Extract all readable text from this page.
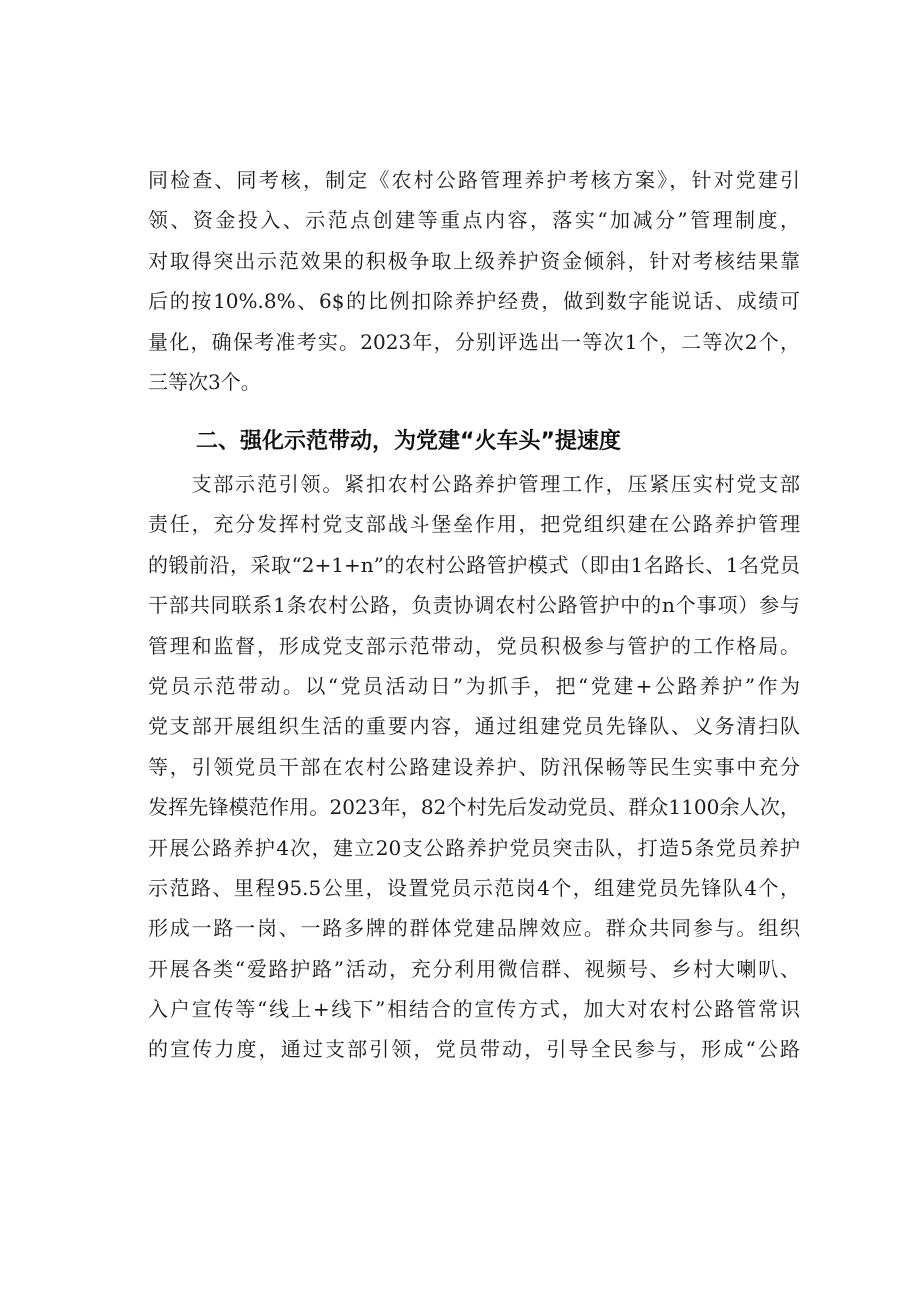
同检查、同考核，制定《农村公路管理养护考核方案》，针对党建引
领、资金投入、示范点创建等重点内容，落实“加减分”管理制度，
对取得突出示范效果的积极争取上级养护资金倾斜，针对考核结果靠
后的按10%.8%、6$的比例扣除养护经费，做到数字能说话、成绩可
量化，确保考准考实。2023年，分别评选出一等次1个，二等次2个，
三等次3个。
二、强化示范带动，为党建“火车头”提速度
　　支部示范引领。紧扣农村公路养护管理工作，压紧压实村党支部
责任，充分发挥村党支部战斗堡垒作用，把党组织建在公路养护管理
的锻前沿，采取“2+1+n”的农村公路管护模式（即由1名路长、1名党员
干部共同联系1条农村公路，负责协调农村公路管护中的n个事项）参与
管理和监督，形成党支部示范带动，党员积极参与管护的工作格局。
党员示范带动。以“党员活动日”为抓手，把“党建+公路养护”作为
党支部开展组织生活的重要内容，通过组建党员先锋队、义务清扫队
等，引领党员干部在农村公路建设养护、防汛保畅等民生实事中充分
发挥先锋模范作用。2023年，82个村先后发动党员、群众1100余人次，
开展公路养护4次，建立20支公路养护党员突击队，打造5条党员养护
示范路、里程95.5公里，设置党员示范岗4个，组建党员先锋队4个，
形成一路一岗、一路多牌的群体党建品牌效应。群众共同参与。组织
开展各类“爱路护路”活动，充分利用微信群、视频号、乡村大喇叭、
入户宣传等“线上+线下”相结合的宣传方式，加大对农村公路管常识
的宣传力度，通过支部引领，党员带动，引导全民参与，形成“公路
